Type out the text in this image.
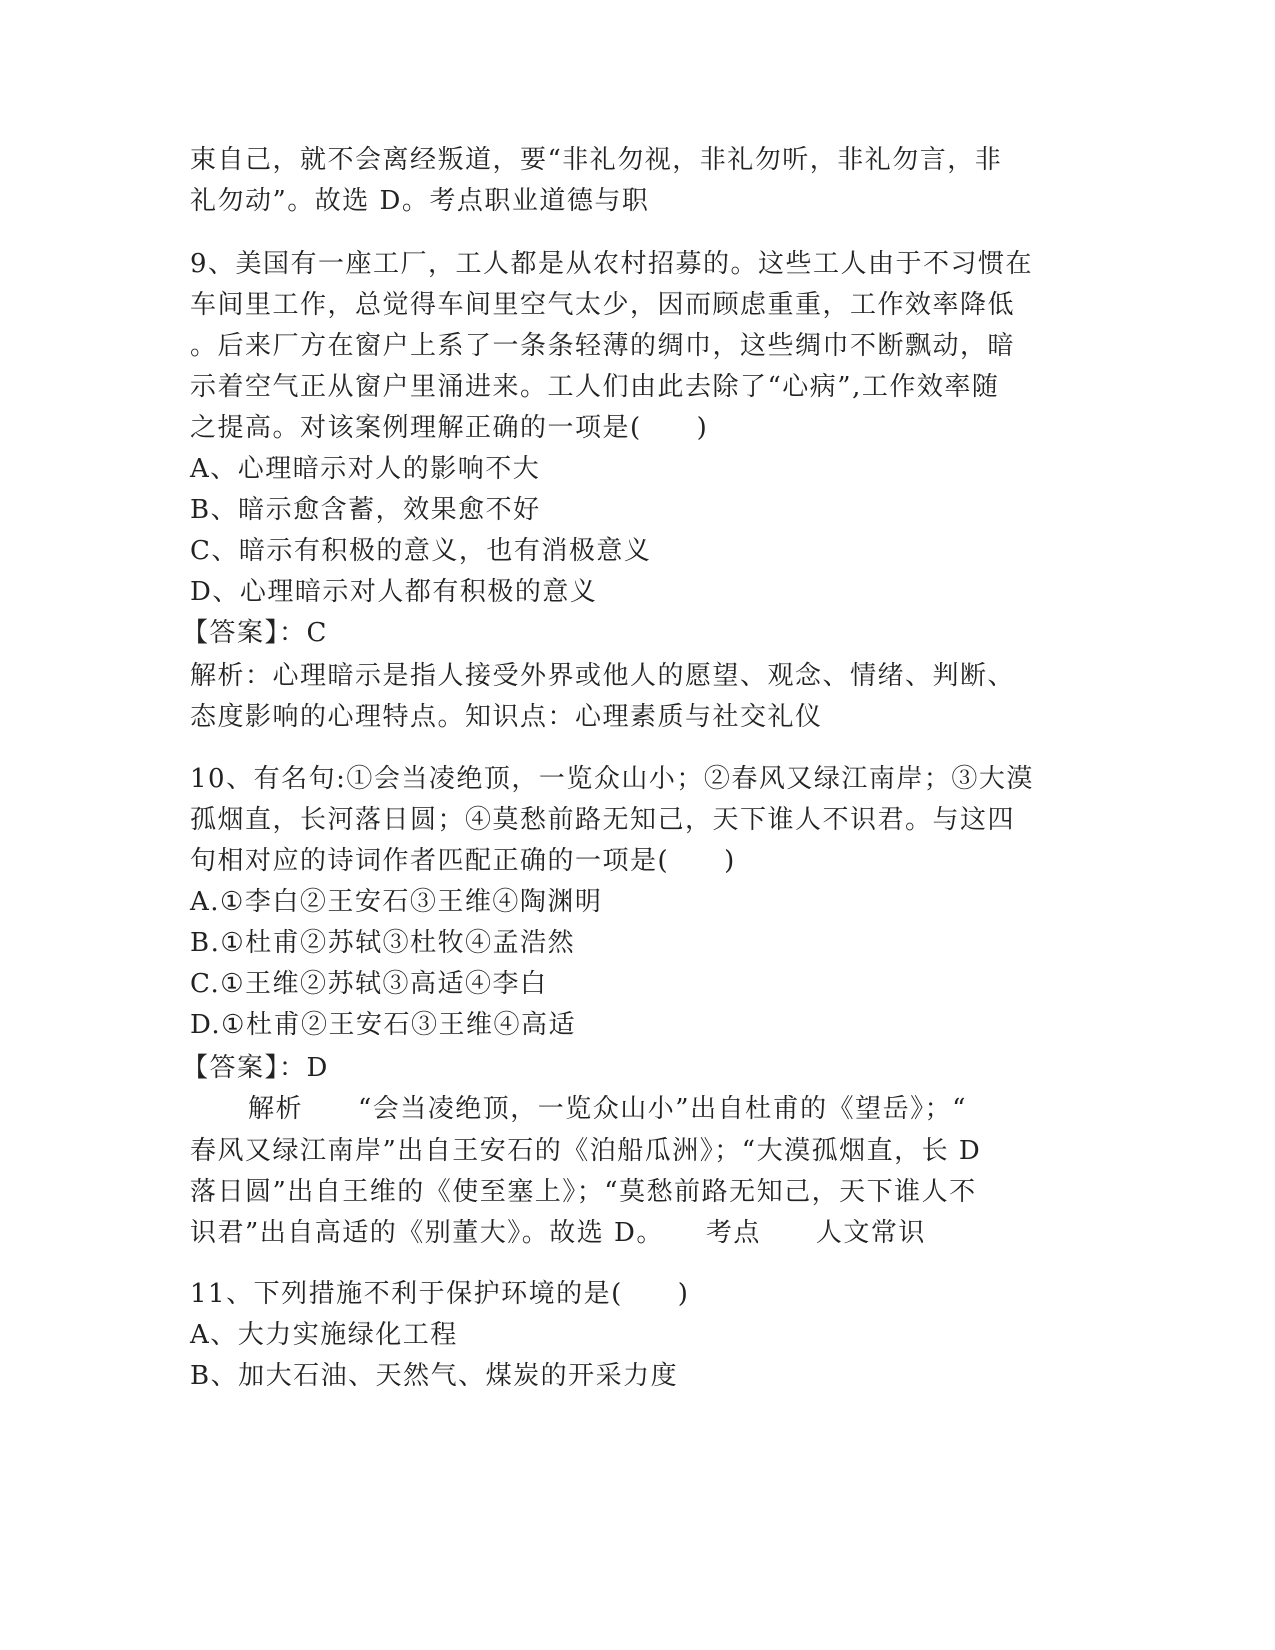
束自己，就不会离经叛道，要“非礼勿视，非礼勿听，非礼勿言，非
礼勿动”。故选 D。考点职业道德与职
9、美国有一座工厂，工人都是从农村招募的。这些工人由于不习惯在
车间里工作，总觉得车间里空气太少，因而顾虑重重，工作效率降低
。后来厂方在窗户上系了一条条轻薄的绸巾，这些绸巾不断飘动，暗
示着空气正从窗户里涌进来。工人们由此去除了“心病”,工作效率随
之提高。对该案例理解正确的一项是(　　)
A、心理暗示对人的影响不大
B、暗示愈含蓄，效果愈不好
C、暗示有积极的意义，也有消极意义
D、心理暗示对人都有积极的意义
【答案】：C
解析：心理暗示是指人接受外界或他人的愿望、观念、情绪、判断、
态度影响的心理特点。知识点：心理素质与社交礼仪
10、有名句:①会当凌绝顶，一览众山小；②春风又绿江南岸；③大漠
孤烟直，长河落日圆；④莫愁前路无知己，天下谁人不识君。与这四
句相对应的诗词作者匹配正确的一项是(　　)
A.①李白②王安石③王维④陶渊明
B.①杜甫②苏轼③杜牧④孟浩然
C.①王维②苏轼③高适④李白
D.①杜甫②王安石③王维④高适
【答案】：D
解析　　“会当凌绝顶，一览众山小”出自杜甫的《望岳》；“
春风又绿江南岸”出自王安石的《泊船瓜洲》；“大漠孤烟直，长 D
落日圆”出自王维的《使至塞上》；“莫愁前路无知己，天下谁人不
识君”出自高适的《别董大》。故选 D。　　考点　　人文常识
11、下列措施不利于保护环境的是(　　)
A、大力实施绿化工程
B、加大石油、天然气、煤炭的开采力度
